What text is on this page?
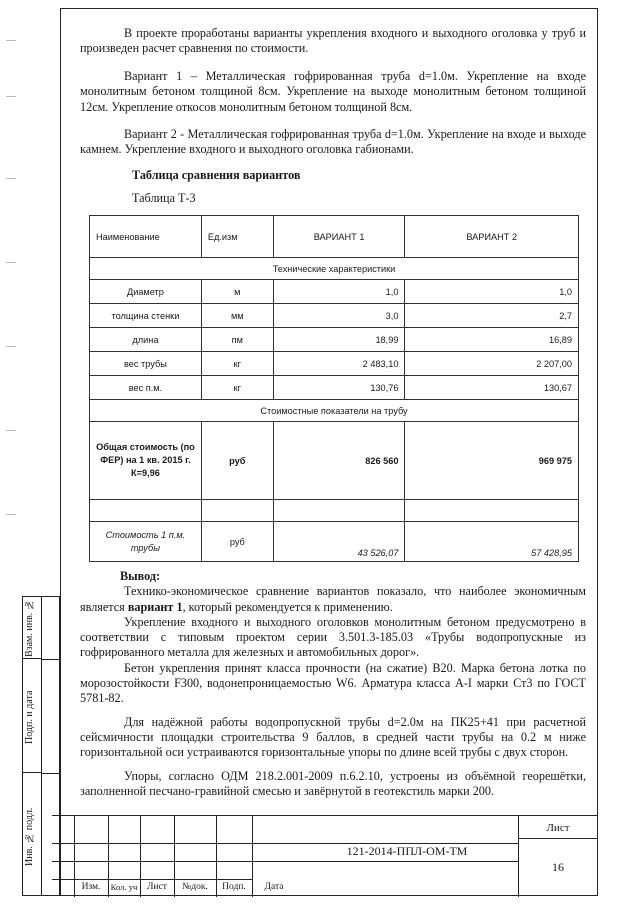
Взам. инв. №
Подп. и дата
Инв. № подл.

В проекте проработаны варианты укрепления входного и выходного оголовка у труб и произведен расчет сравнения по стоимости.

Вариант 1 – Металлическая гофрированная труба d=1.0м. Укрепление на входе монолитным бетоном толщиной 8см. Укрепление на выходе монолитным бетоном толщиной 12см. Укрепление откосов монолитным бетоном толщиной 8см.

Вариант 2 - Металлическая гофрированная труба d=1.0м. Укрепление на входе и выходе камнем. Укрепление входного и выходного оголовка габионами.

Таблица сравнения вариантов
Таблица Т-3
Наименование	Ед.изм	ВАРИАНТ 1	ВАРИАНТ 2
Технические характеристики			
Диаметр	м	1,0	1,0
толщина стенки	мм	3,0	2,7
длина	пм	18,99	16,89
вес трубы	кг	2 483,10	2 207,00
вес п.м.	кг	130,76	130,67
Стоимостные показатели на трубу			
Общая стоимость (по ФЕР) на 1 кв. 2015 г. К=9,96	руб	826 560	969 975

Стоимость 1 п.м. трубы	руб	43 526,07	57 428,95
Вывод:

Технико-экономическое сравнение вариантов показало, что наиболее экономичным является вариант 1, который рекомендуется к применению.

Укрепление входного и выходного оголовков монолитным бетоном предусмотрено в соответствии с типовым проектом серии 3.501.3-185.03 «Трубы водопропускные из гофрированного металла для железных и автомобильных дорог».

Бетон укрепления принят класса прочности (на сжатие) В20. Марка бетона лотка по морозостойкости F300, водонепроницаемостью W6. Арматура класса А-I марки Ст3 по ГОСТ 5781-82.

Для надёжной работы водопропускной трубы d=2.0м на ПК25+41 при расчетной сейсмичности площадки строительства 9 баллов, в средней части трубы на 0.2 м ниже горизонтальной оси устраиваются горизонтальные упоры по длине всей трубы с двух сторон.

Упоры, согласно ОДМ 218.2.001-2009 п.6.2.10, устроены из объёмной георешётки, заполненной песчано-гравийной смесью и завёрнутой в геотекстиль марки 200.

Изм.	Кол. уч	Лист	№док.	Подп.	Дата
121-2014-ППЛ-ОМ-ТМ
Лист
16
